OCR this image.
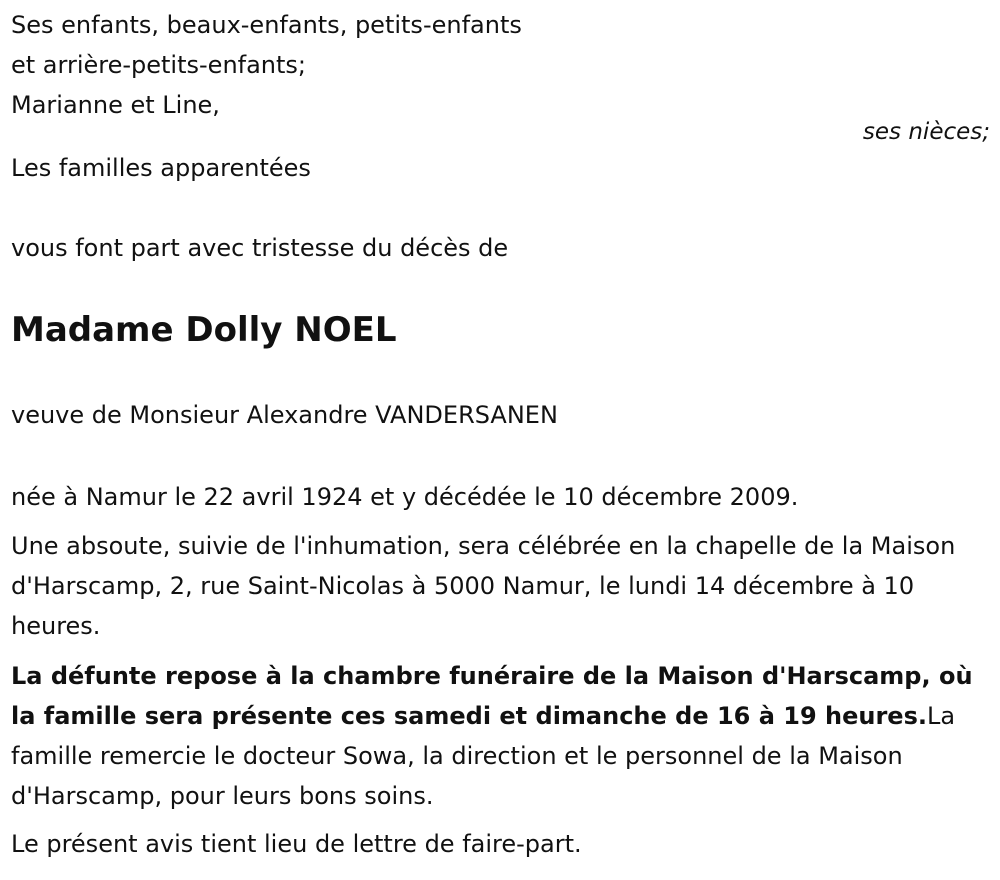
Ses enfants, beaux-enfants, petits-enfants
et arrière-petits-enfants;
Marianne et Line,
ses nièces;
Les familles apparentées
vous font part avec tristesse du décès de
Madame Dolly NOEL
veuve de Monsieur Alexandre VANDERSANEN
née à Namur le 22 avril 1924 et y décédée le 10 décembre 2009.
Une absoute, suivie de l'inhumation, sera célébrée en la chapelle de la Maison d'Harscamp, 2, rue Saint-Nicolas à 5000 Namur, le lundi 14 décembre à 10 heures.
La défunte repose à la chambre funéraire de la Maison d'Harscamp, où la famille sera présente ces samedi et dimanche de 16 à 19 heures.La famille remercie le docteur Sowa, la direction et le personnel de la Maison d'Harscamp, pour leurs bons soins.
Le présent avis tient lieu de lettre de faire-part.
